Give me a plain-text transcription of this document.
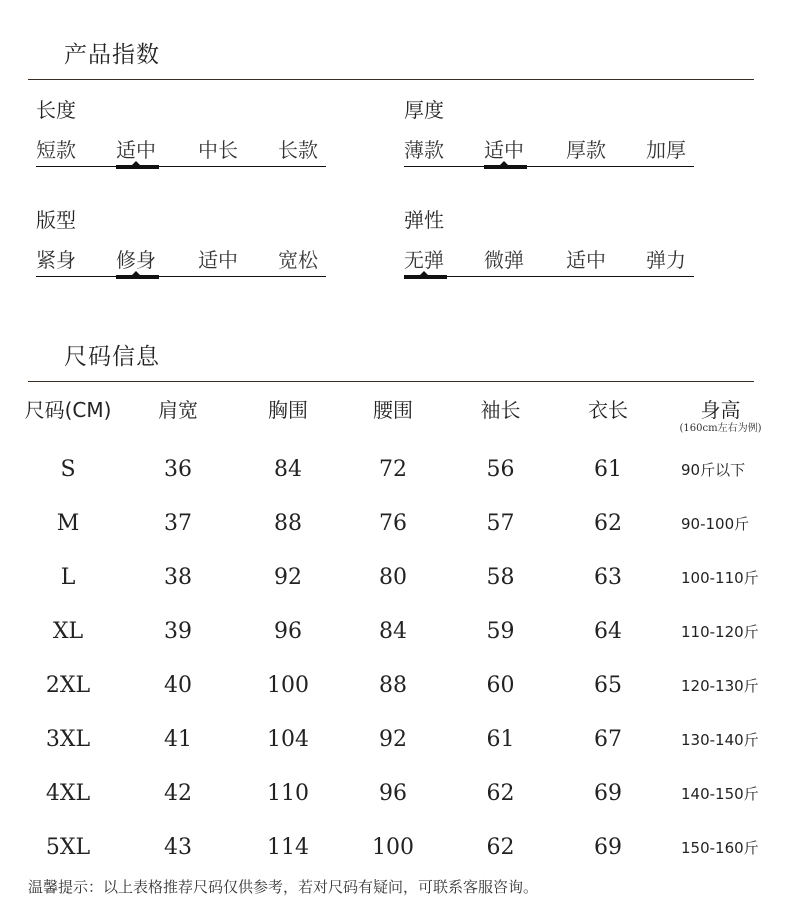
产品指数
长度
短款 适中 中长 长款
厚度
薄款 适中 厚款 加厚
版型
紧身 修身 适中 宽松
弹性
无弹 微弹 适中 弹力
尺码信息
尺码(CM)	肩宽	胸围	腰围	袖长	衣长	身高
(160cm左右为例)

S	36	84	72	56	61	90斤以下
M	37	88	76	57	62	90-100斤
L	38	92	80	58	63	100-110斤
XL	39	96	84	59	64	110-120斤
2XL	40	100	88	60	65	120-130斤
3XL	41	104	92	61	67	130-140斤
4XL	42	110	96	62	69	140-150斤
5XL	43	114	100	62	69	150-160斤
温馨提示：以上表格推荐尺码仅供参考，若对尺码有疑问，可联系客服咨询。
